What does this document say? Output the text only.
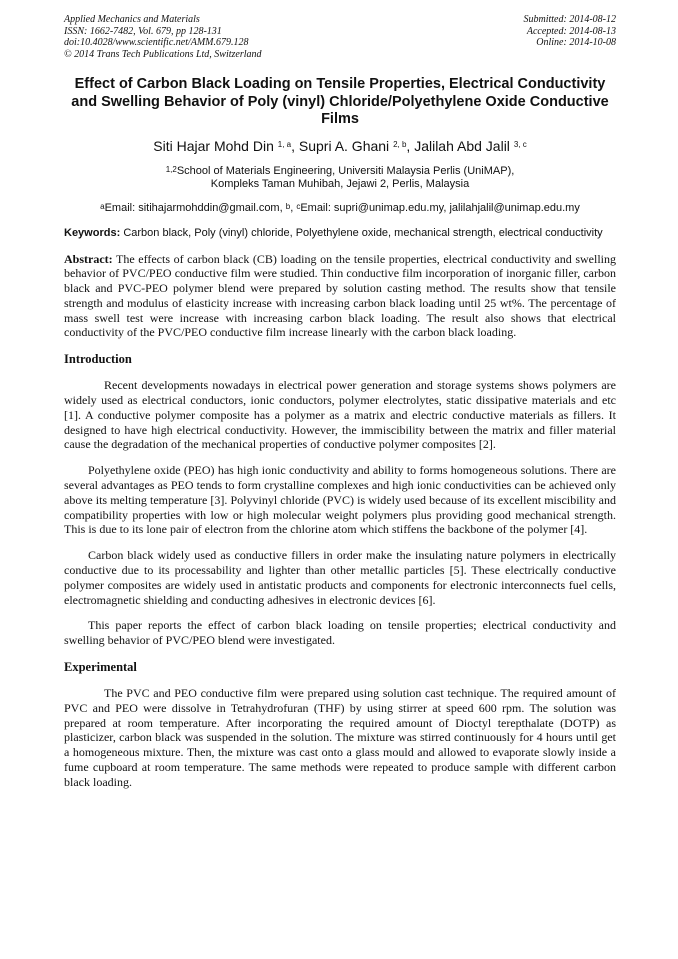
Applied Mechanics and Materials
ISSN: 1662-7482, Vol. 679, pp 128-131
doi:10.4028/www.scientific.net/AMM.679.128
© 2014 Trans Tech Publications Ltd, Switzerland
Submitted: 2014-08-12
Accepted: 2014-08-13
Online: 2014-10-08
Effect of Carbon Black Loading on Tensile Properties, Electrical Conductivity and Swelling Behavior of Poly (vinyl) Chloride/Polyethylene Oxide Conductive Films
Siti Hajar Mohd Din $^{1, a}$, Supri A. Ghani $^{2, b}$, Jalilah Abd Jalil $^{3, c}$
$^{1,2}$School of Materials Engineering, Universiti Malaysia Perlis (UniMAP),
Kompleks Taman Muhibah, Jejawi 2, Perlis, Malaysia
$^a$Email: sitihajarmohddin@gmail.com, $^b$, $^c$Email: supri@unimap.edu.my, jalilahjalil@unimap.edu.my
Keywords: Carbon black, Poly (vinyl) chloride, Polyethylene oxide, mechanical strength, electrical conductivity

Abstract: The effects of carbon black (CB) loading on the tensile properties, electrical conductivity and swelling behavior of PVC/PEO conductive film were studied. Thin conductive film incorporation of inorganic filler, carbon black and PVC-PEO polymer blend were prepared by solution casting method. The results show that tensile strength and modulus of elasticity increase with increasing carbon black loading until 25 wt%. The percentage of mass swell test were increase with increasing carbon black loading. The result also shows that electrical conductivity of the PVC/PEO conductive film increase linearly with the carbon black loading.

Introduction

Recent developments nowadays in electrical power generation and storage systems shows polymers are widely used as electrical conductors, ionic conductors, polymer electrolytes, static dissipative materials and etc [1]. A conductive polymer composite has a polymer as a matrix and electric conductive materials as fillers. It designed to have high electrical conductivity. However, the immiscibility between the matrix and filler material cause the degradation of the mechanical properties of conductive polymer composites [2].

Polyethylene oxide (PEO) has high ionic conductivity and ability to forms homogeneous solutions. There are several advantages as PEO tends to form crystalline complexes and high ionic conductivities can be achieved only above its melting temperature [3]. Polyvinyl chloride (PVC) is widely used because of its excellent miscibility and compatibility properties with low or high molecular weight polymers plus providing good mechanical strength. This is due to its lone pair of electron from the chlorine atom which stiffens the backbone of the polymer [4].

Carbon black widely used as conductive fillers in order make the insulating nature polymers in electrically conductive due to its processability and lighter than other metallic particles [5]. These electrically conductive polymer composites are widely used in antistatic products and components for electronic interconnects fuel cells, electromagnetic shielding and conducting adhesives in electronic devices [6].

This paper reports the effect of carbon black loading on tensile properties; electrical conductivity and swelling behavior of PVC/PEO blend were investigated.

Experimental

The PVC and PEO conductive film were prepared using solution cast technique. The required amount of PVC and PEO were dissolve in Tetrahydrofuran (THF) by using stirrer at speed 600 rpm. The solution was prepared at room temperature. After incorporating the required amount of Dioctyl terepthalate (DOTP) as plasticizer, carbon black was suspended in the solution. The mixture was stirred continuously for 4 hours until get a homogeneous mixture. Then, the mixture was cast onto a glass mould and allowed to evaporate slowly inside a fume cupboard at room temperature. The same methods were repeated to produce sample with different carbon black loading.
